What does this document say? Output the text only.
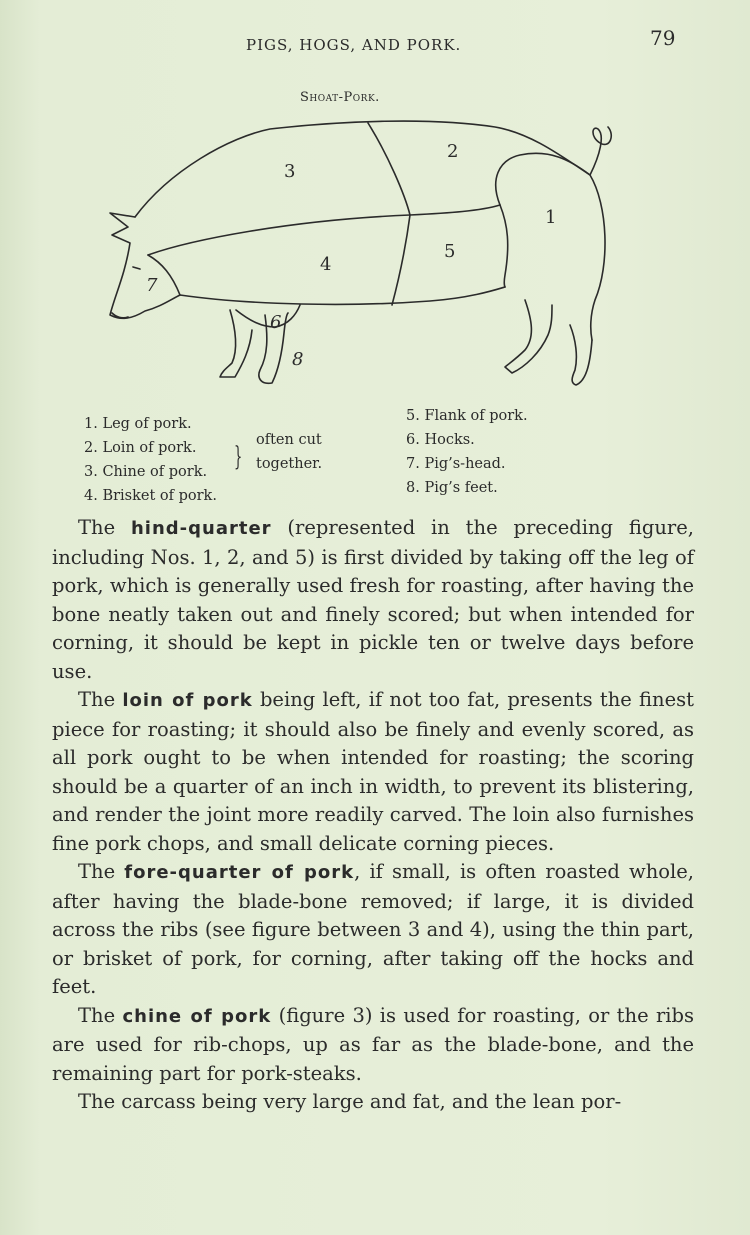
PIGS, HOGS, AND PORK.	79
Shoat-Pork.
1
2
3
4
5
6
7
8
1. Leg of pork.
2. Loin of pork.
3. Chine of pork.
4. Brisket of pork.
}
often cut
together.
5. Flank of pork.
6. Hocks.
7. Pig’s-head.
8. Pig’s feet.

The hind-quarter (represented in the preceding figure, including Nos. 1, 2, and 5) is first divided by taking off the leg of pork, which is generally used fresh for roasting, after having the bone neatly taken out and finely scored; but when intended for corning, it should be kept in pickle ten or twelve days before use.

The loin of pork being left, if not too fat, presents the finest piece for roasting; it should also be finely and evenly scored, as all pork ought to be when intended for roasting; the scoring should be a quarter of an inch in width, to prevent its blistering, and render the joint more readily carved. The loin also furnishes fine pork chops, and small delicate corning pieces.

The fore-quarter of pork, if small, is often roasted whole, after having the blade-bone removed; if large, it is divided across the ribs (see figure between 3 and 4), using the thin part, or brisket of pork, for corning, after taking off the hocks and feet.

The chine of pork (figure 3) is used for roasting, or the ribs are used for rib-chops, up as far as the blade-bone, and the remaining part for pork-steaks.

The carcass being very large and fat, and the lean por-
